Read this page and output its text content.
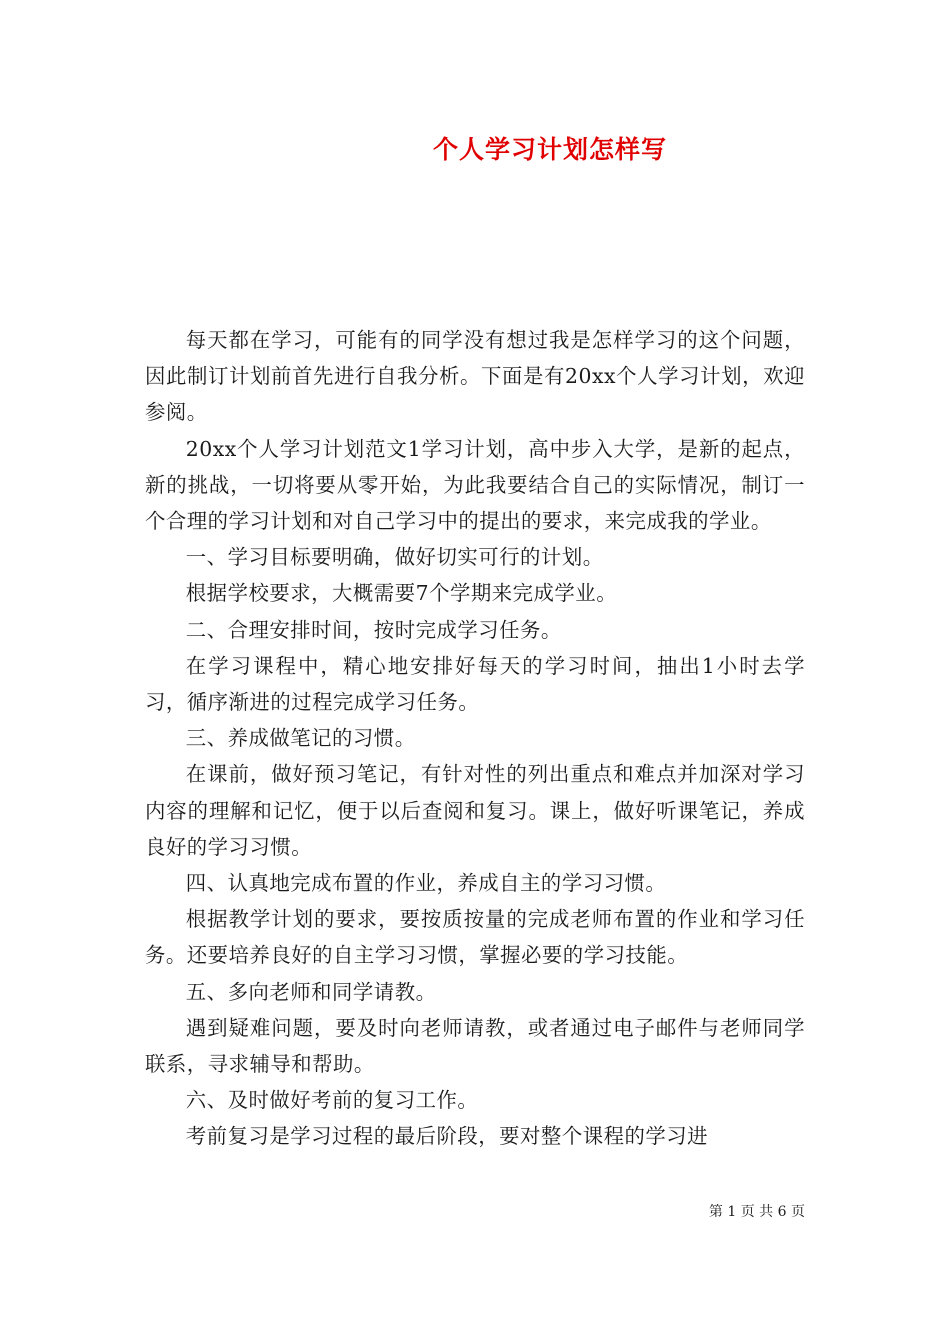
个人学习计划怎样写

每天都在学习，可能有的同学没有想过我是怎样学习的这个问题，因此制订计划前首先进行自我分析。下面是有20xx个人学习计划，欢迎参阅。

20xx个人学习计划范文1学习计划，高中步入大学，是新的起点，新的挑战，一切将要从零开始，为此我要结合自己的实际情况，制订一个合理的学习计划和对自己学习中的提出的要求，来完成我的学业。

一、学习目标要明确，做好切实可行的计划。

根据学校要求，大概需要7个学期来完成学业。

二、合理安排时间，按时完成学习任务。

在学习课程中，精心地安排好每天的学习时间，抽出1小时去学习，循序渐进的过程完成学习任务。

三、养成做笔记的习惯。

在课前，做好预习笔记，有针对性的列出重点和难点并加深对学习内容的理解和记忆，便于以后查阅和复习。课上，做好听课笔记，养成良好的学习习惯。

四、认真地完成布置的作业，养成自主的学习习惯。

根据教学计划的要求，要按质按量的完成老师布置的作业和学习任务。还要培养良好的自主学习习惯，掌握必要的学习技能。

五、多向老师和同学请教。

遇到疑难问题，要及时向老师请教，或者通过电子邮件与老师同学联系，寻求辅导和帮助。

六、及时做好考前的复习工作。

考前复习是学习过程的最后阶段，要对整个课程的学习进

第 1 页 共 6 页
